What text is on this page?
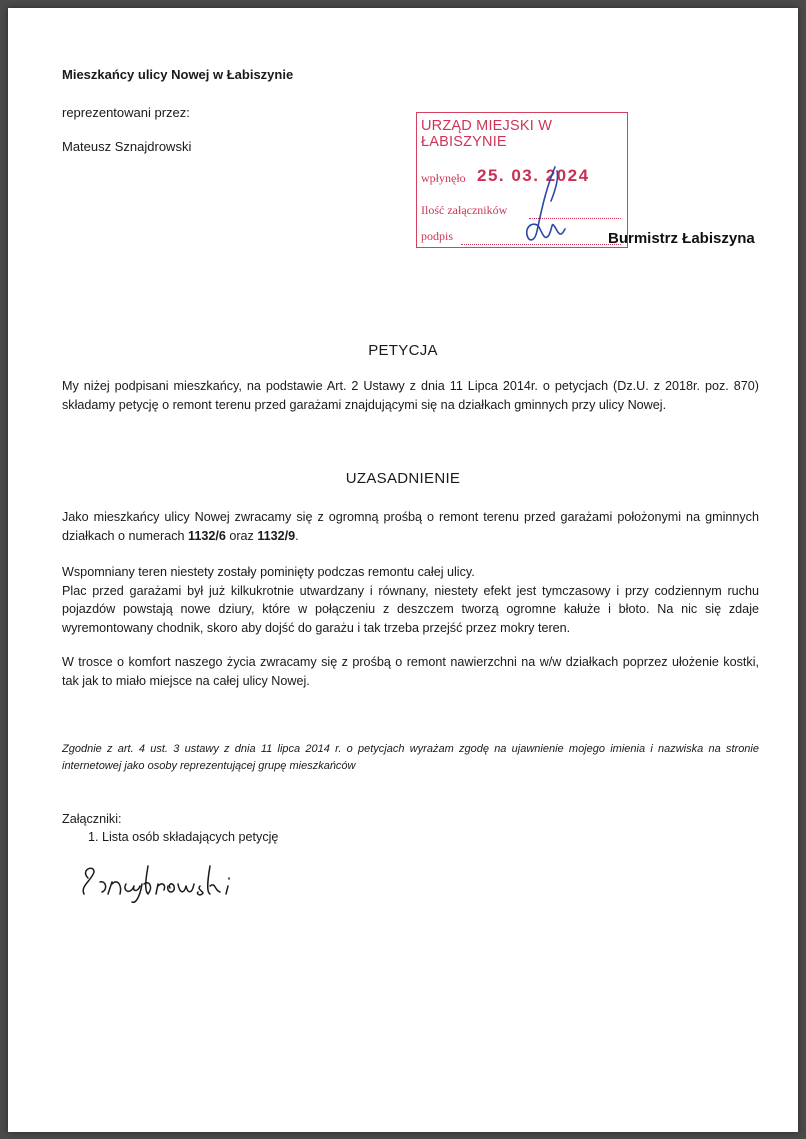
Mieszkańcy ulicy Nowej w Łabiszynie
reprezentowani przez:
Mateusz Sznajdrowski
URZĄD MIEJSKI W ŁABISZYNIE
wpłynęło 25. 03. 2024
Ilość załączników
podpis	Burmistrz Łabiszyna
PETYCJA

My niżej podpisani mieszkańcy, na podstawie Art. 2 Ustawy z dnia 11 Lipca 2014r. o petycjach (Dz.U. z 2018r. poz. 870) składamy petycję o remont terenu przed garażami znajdującymi się na działkach gminnych przy ulicy Nowej.

UZASADNIENIE

Jako mieszkańcy ulicy Nowej zwracamy się z ogromną prośbą o remont terenu przed garażami położonymi na gminnych działkach o numerach 1132/6 oraz 1132/9.

Wspomniany teren niestety zostały pominięty podczas remontu całej ulicy.

Plac przed garażami był już kilkukrotnie utwardzany i równany, niestety efekt jest tymczasowy i przy codziennym ruchu pojazdów powstają nowe dziury, które w połączeniu z deszczem tworzą ogromne kałuże i błoto. Na nic się zdaje wyremontowany chodnik, skoro aby dojść do garażu i tak trzeba przejść przez mokry teren.

W trosce o komfort naszego życia zwracamy się z prośbą o remont nawierzchni na w/w działkach poprzez ułożenie kostki, tak jak to miało miejsce na całej ulicy Nowej.

Zgodnie z art. 4 ust. 3 ustawy z dnia 11 lipca 2014 r. o petycjach wyrażam zgodę na ujawnienie mojego imienia i nazwiska na stronie internetowej jako osoby reprezentującej grupę mieszkańców
Załączniki:
1. Lista osób składających petycję
